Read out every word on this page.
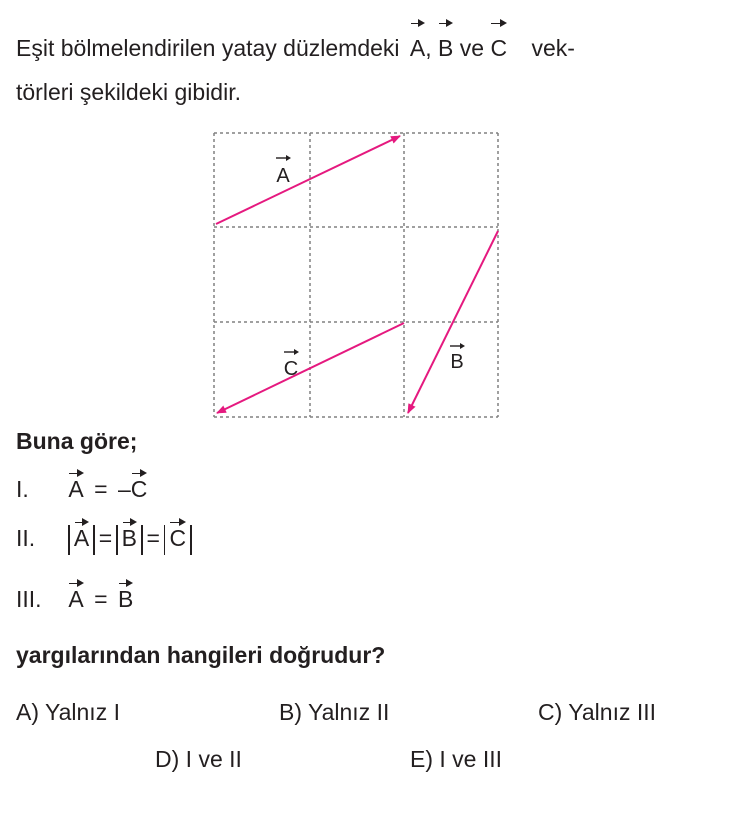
Eşit bölmelendirilen yatay düzlemdeki A, B ve C vek-
törleri şekildeki gibidir.
A
C	B
Buna göre;
I. A = –C
II. A = B = C
III. A = B
yargılarından hangileri doğrudur?
A) Yalnız I	B) Yalnız II	C) Yalnız III
D) I ve II	E) I ve III
